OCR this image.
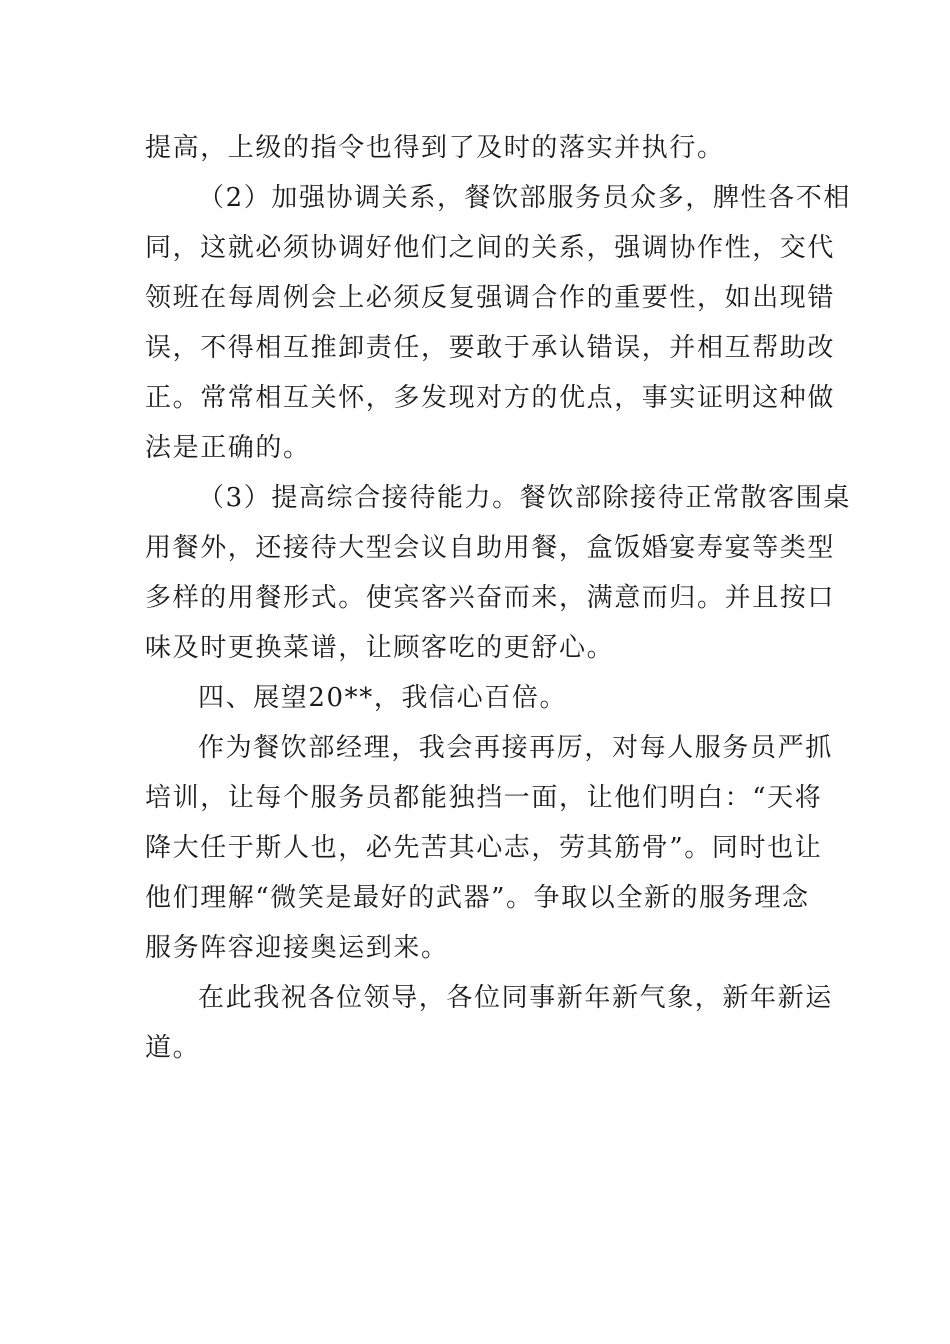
提高，上级的指令也得到了及时的落实并执行。

（2）加强协调关系，餐饮部服务员众多，脾性各不相

同，这就必须协调好他们之间的关系，强调协作性，交代

领班在每周例会上必须反复强调合作的重要性，如出现错

误，不得相互推卸责任，要敢于承认错误，并相互帮助改

正。常常相互关怀，多发现对方的优点，事实证明这种做

法是正确的。

（3）提高综合接待能力。餐饮部除接待正常散客围桌

用餐外，还接待大型会议自助用餐，盒饭婚宴寿宴等类型

多样的用餐形式。使宾客兴奋而来，满意而归。并且按口

味及时更换菜谱，让顾客吃的更舒心。

四、展望20**，我信心百倍。

作为餐饮部经理，我会再接再厉，对每人服务员严抓

培训，让每个服务员都能独挡一面，让他们明白：“天将

降大任于斯人也，必先苦其心志，劳其筋骨”。同时也让

他们理解“微笑是最好的武器”。争取以全新的服务理念

服务阵容迎接奥运到来。

在此我祝各位领导，各位同事新年新气象，新年新运

道。
